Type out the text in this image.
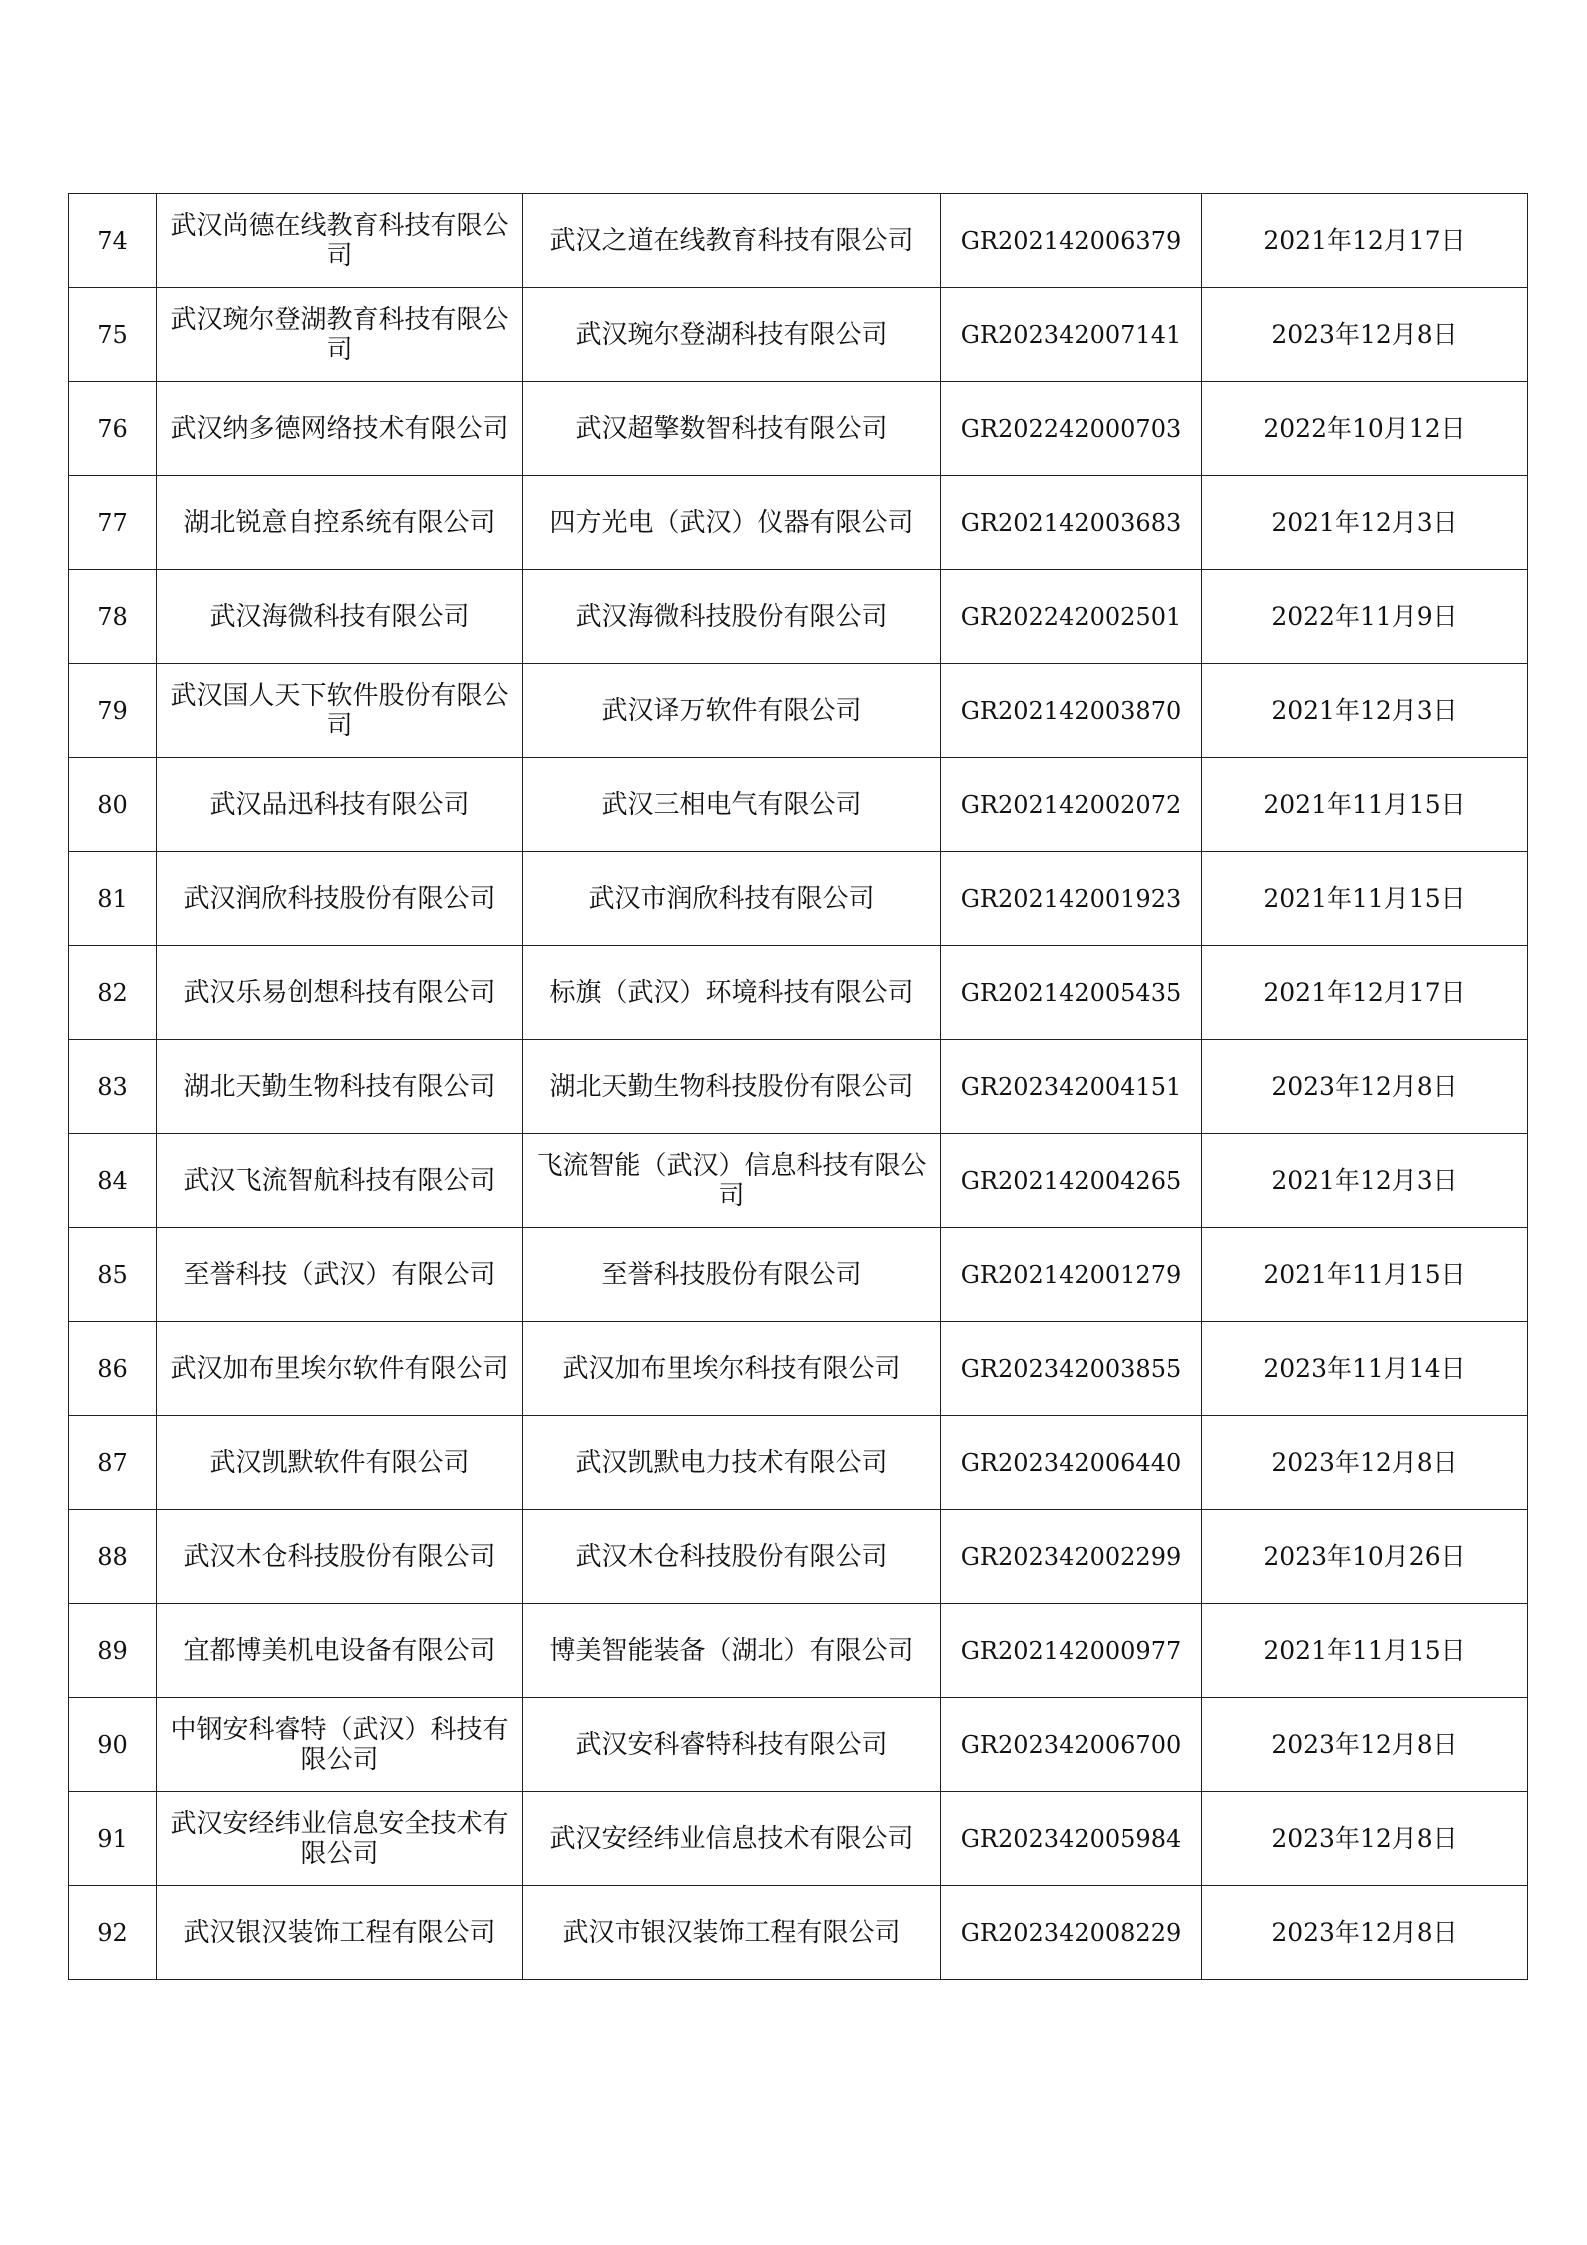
74	武汉尚德在线教育科技有限公司	武汉之道在线教育科技有限公司	GR202142006379	2021年12月17日
75	武汉琬尔登湖教育科技有限公司	武汉琬尔登湖科技有限公司	GR202342007141	2023年12月8日
76	武汉纳多德网络技术有限公司	武汉超擎数智科技有限公司	GR202242000703	2022年10月12日
77	湖北锐意自控系统有限公司	四方光电（武汉）仪器有限公司	GR202142003683	2021年12月3日
78	武汉海微科技有限公司	武汉海微科技股份有限公司	GR202242002501	2022年11月9日
79	武汉国人天下软件股份有限公司	武汉译万软件有限公司	GR202142003870	2021年12月3日
80	武汉品迅科技有限公司	武汉三相电气有限公司	GR202142002072	2021年11月15日
81	武汉润欣科技股份有限公司	武汉市润欣科技有限公司	GR202142001923	2021年11月15日
82	武汉乐易创想科技有限公司	标旗（武汉）环境科技有限公司	GR202142005435	2021年12月17日
83	湖北天勤生物科技有限公司	湖北天勤生物科技股份有限公司	GR202342004151	2023年12月8日
84	武汉飞流智航科技有限公司	飞流智能（武汉）信息科技有限公司	GR202142004265	2021年12月3日
85	至誉科技（武汉）有限公司	至誉科技股份有限公司	GR202142001279	2021年11月15日
86	武汉加布里埃尔软件有限公司	武汉加布里埃尔科技有限公司	GR202342003855	2023年11月14日
87	武汉凯默软件有限公司	武汉凯默电力技术有限公司	GR202342006440	2023年12月8日
88	武汉木仓科技股份有限公司	武汉木仓科技股份有限公司	GR202342002299	2023年10月26日
89	宜都博美机电设备有限公司	博美智能装备（湖北）有限公司	GR202142000977	2021年11月15日
90	中钢安科睿特（武汉）科技有限公司	武汉安科睿特科技有限公司	GR202342006700	2023年12月8日
91	武汉安经纬业信息安全技术有限公司	武汉安经纬业信息技术有限公司	GR202342005984	2023年12月8日
92	武汉银汉装饰工程有限公司	武汉市银汉装饰工程有限公司	GR202342008229	2023年12月8日
